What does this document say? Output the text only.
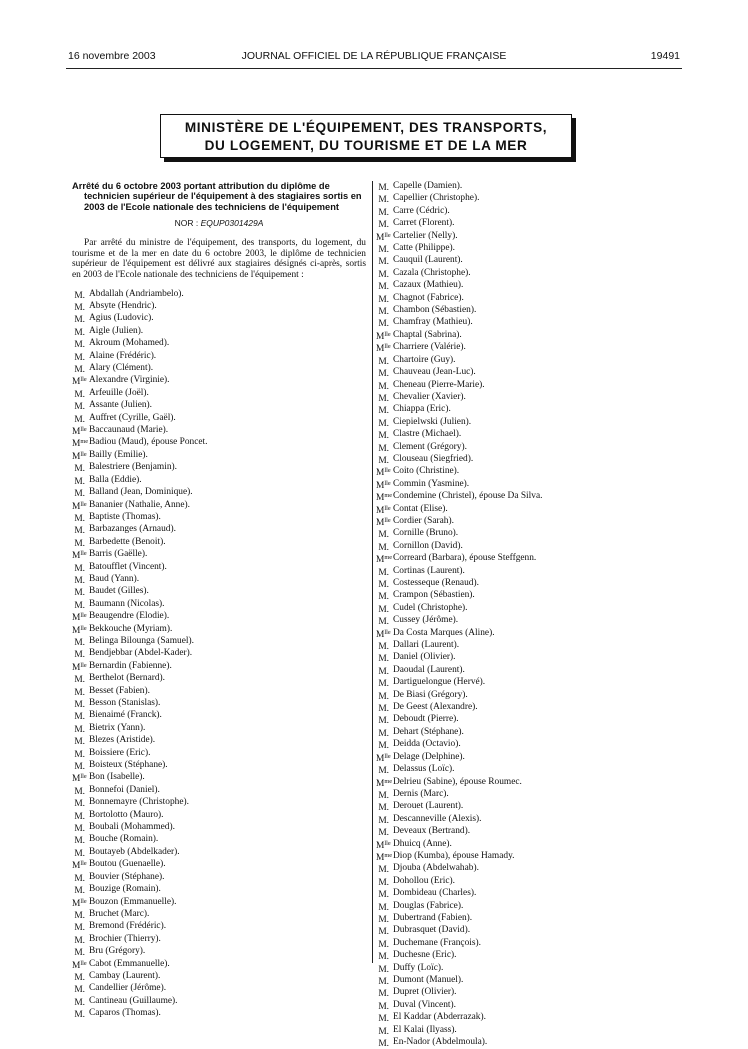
16 novembre 2003	JOURNAL OFFICIEL DE LA RÉPUBLIQUE FRANÇAISE	19491
MINISTÈRE DE L'ÉQUIPEMENT, DES TRANSPORTS,
DU LOGEMENT, DU TOURISME ET DE LA MER

Arrêté du 6 octobre 2003 portant attribution du diplôme de technicien supérieur de l'équipement à des stagiaires sortis en 2003 de l'Ecole nationale des techniciens de l'équipement

NOR : EQUP0301429A

Par arrêté du ministre de l'équipement, des transports, du logement, du tourisme et de la mer en date du 6 octobre 2003, le diplôme de technicien supérieur de l'équipement est délivré aux stagiaires désignés ci-après, sortis en 2003 de l'Ecole nationale des techniciens de l'équipement :

M. Abdallah (Andriambelo).
M. Absyte (Hendric).
M. Agius (Ludovic).
M. Aigle (Julien).
M. Akroum (Mohamed).
M. Alaine (Frédéric).
M. Alary (Clément).
$M^{lle}$ Alexandre (Virginie).
M. Arfeuille (Joël).
M. Assante (Julien).
M. Auffret (Cyrille, Gaël).
$M^{lle}$ Baccaunaud (Marie).
$M^{me}$ Badiou (Maud), épouse Poncet.
$M^{lle}$ Bailly (Emilie).
M. Balestriere (Benjamin).
M. Balla (Eddie).
M. Balland (Jean, Dominique).
$M^{lle}$ Bananier (Nathalie, Anne).
M. Baptiste (Thomas).
M. Barbazanges (Arnaud).
M. Barbedette (Benoit).
$M^{lle}$ Barris (Gaëlle).
M. Batoufflet (Vincent).
M. Baud (Yann).
M. Baudet (Gilles).
M. Baumann (Nicolas).
$M^{lle}$ Beaugendre (Elodie).
$M^{lle}$ Bekkouche (Myriam).
M. Belinga Bilounga (Samuel).
M. Bendjebbar (Abdel-Kader).
$M^{lle}$ Bernardin (Fabienne).
M. Berthelot (Bernard).
M. Besset (Fabien).
M. Besson (Stanislas).
M. Bienaimé (Franck).
M. Bietrix (Yann).
M. Blezes (Aristide).
M. Boissiere (Eric).
M. Boisteux (Stéphane).
$M^{lle}$ Bon (Isabelle).
M. Bonnefoi (Daniel).
M. Bonnemayre (Christophe).
M. Bortolotto (Mauro).
M. Boubali (Mohammed).
M. Bouche (Romain).
M. Boutayeb (Abdelkader).
$M^{lle}$ Boutou (Guenaelle).
M. Bouvier (Stéphane).
M. Bouzige (Romain).
$M^{lle}$ Bouzon (Emmanuelle).
M. Bruchet (Marc).
M. Bremond (Frédéric).
M. Brochier (Thierry).
M. Bru (Grégory).
$M^{lle}$ Cabot (Emmanuelle).
M. Cambay (Laurent).
M. Candellier (Jérôme).
M. Cantineau (Guillaume).
M. Caparos (Thomas).
M. Capelle (Damien).
M. Capellier (Christophe).
M. Carre (Cédric).
M. Carret (Florent).
$M^{lle}$ Cartelier (Nelly).
M. Catte (Philippe).
M. Cauquil (Laurent).
M. Cazala (Christophe).
M. Cazaux (Mathieu).
M. Chagnot (Fabrice).
M. Chambon (Sébastien).
M. Chamfray (Mathieu).
$M^{lle}$ Chaptal (Sabrina).
$M^{lle}$ Charriere (Valérie).
M. Chartoire (Guy).
M. Chauveau (Jean-Luc).
M. Cheneau (Pierre-Marie).
M. Chevalier (Xavier).
M. Chiappa (Eric).
M. Ciepielwski (Julien).
M. Clastre (Michael).
M. Clement (Grégory).
M. Clouseau (Siegfried).
$M^{lle}$ Coito (Christine).
$M^{lle}$ Commin (Yasmine).
$M^{me}$ Condemine (Christel), épouse Da Silva.
$M^{lle}$ Contat (Elise).
$M^{lle}$ Cordier (Sarah).
M. Cornille (Bruno).
M. Cornillon (David).
$M^{me}$ Correard (Barbara), épouse Steffgenn.
M. Cortinas (Laurent).
M. Costesseque (Renaud).
M. Crampon (Sébastien).
M. Cudel (Christophe).
M. Cussey (Jérôme).
$M^{lle}$ Da Costa Marques (Aline).
M. Dallari (Laurent).
M. Daniel (Olivier).
M. Daoudal (Laurent).
M. Dartiguelongue (Hervé).
M. De Biasi (Grégory).
M. De Geest (Alexandre).
M. Deboudt (Pierre).
M. Dehart (Stéphane).
M. Deidda (Octavio).
$M^{lle}$ Delage (Delphine).
M. Delassus (Loïc).
$M^{me}$ Delrieu (Sabine), épouse Roumec.
M. Dernis (Marc).
M. Derouet (Laurent).
M. Descanneville (Alexis).
M. Deveaux (Bertrand).
$M^{lle}$ Dhuicq (Anne).
$M^{me}$ Diop (Kumba), épouse Hamady.
M. Djouba (Abdelwahab).
M. Dohollou (Eric).
M. Dombideau (Charles).
M. Douglas (Fabrice).
M. Dubertrand (Fabien).
M. Dubrasquet (David).
M. Duchemane (François).
M. Duchesne (Eric).
M. Duffy (Loïc).
M. Dumont (Manuel).
M. Dupret (Olivier).
M. Duval (Vincent).
M. El Kaddar (Abderrazak).
M. El Kalai (Ilyass).
M. En-Nador (Abdelmoula).
